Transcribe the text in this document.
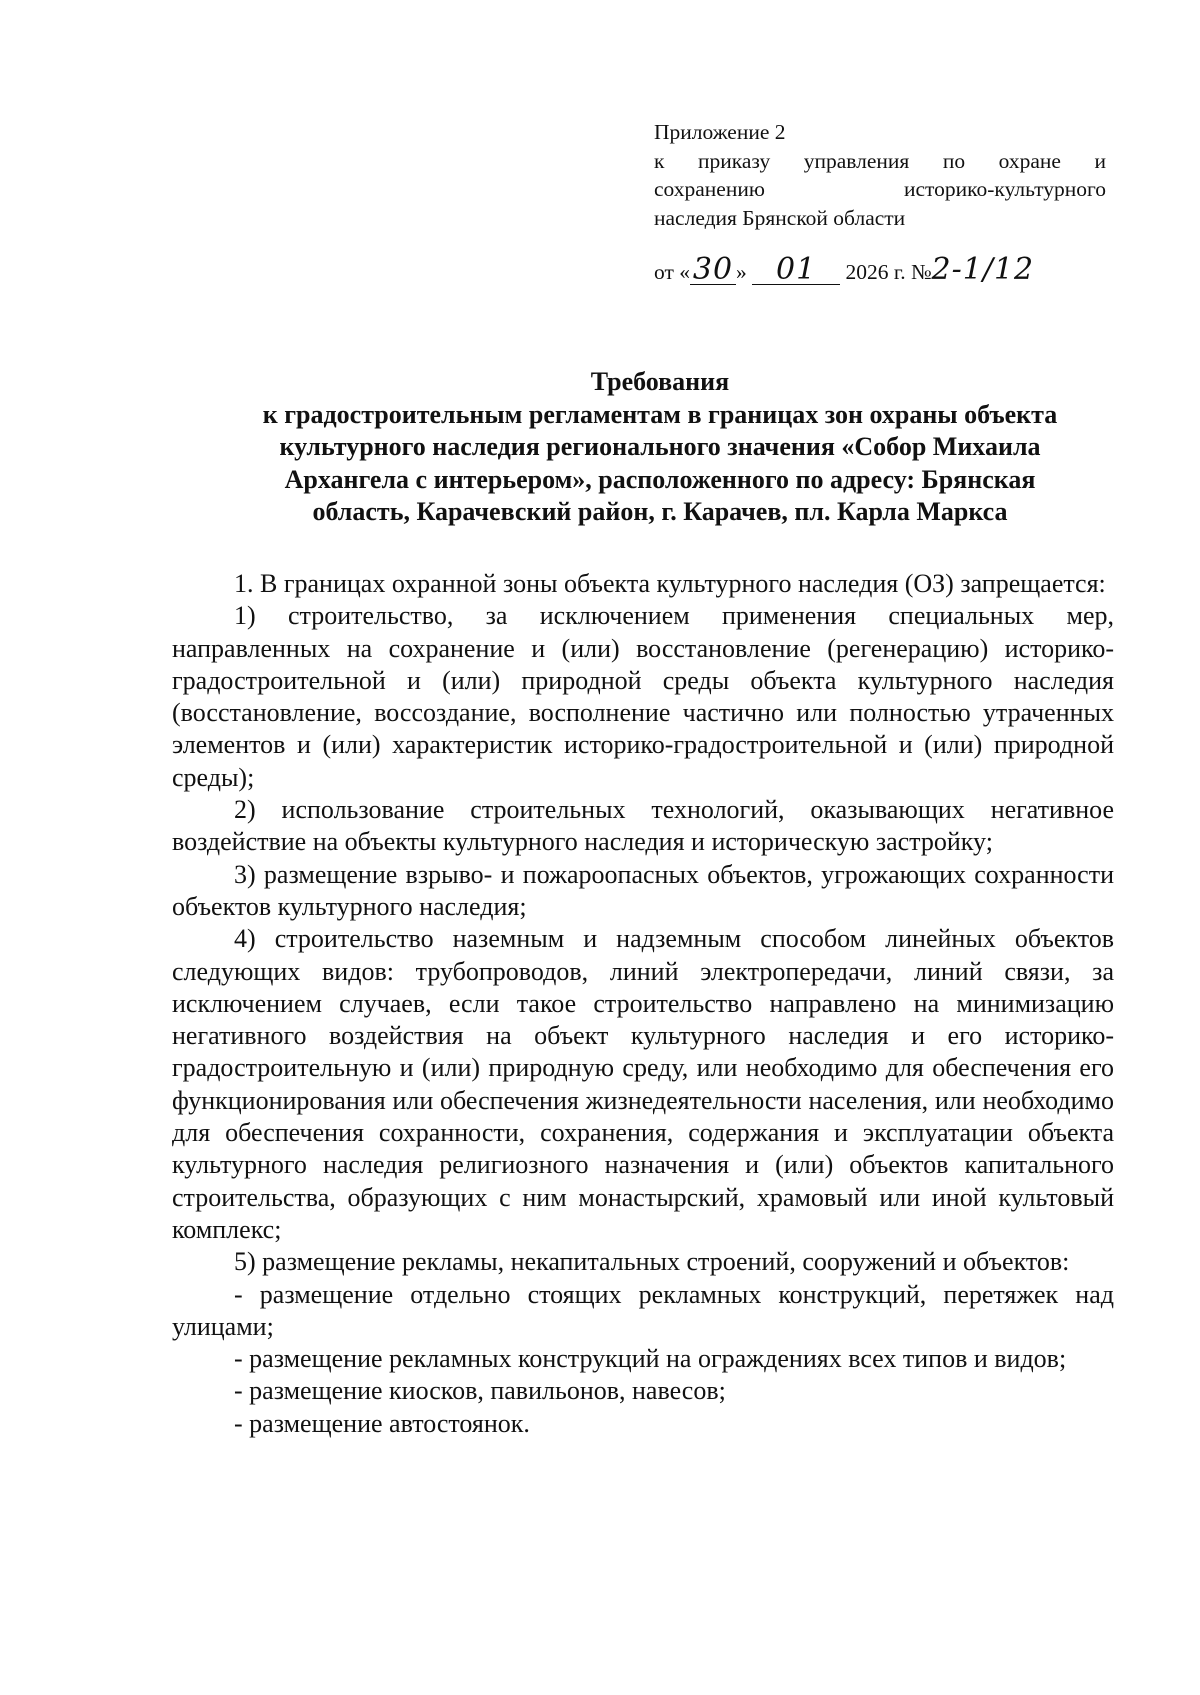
Приложение 2
к приказу управления по охране и
сохранению историко-культурного
наследия Брянской области
от «30 » 01 2026 г. №2-1/12
Требования
к градостроительным регламентам в границах зон охраны объекта
культурного наследия регионального значения «Собор Михаила
Архангела с интерьером», расположенного по адресу: Брянская
область, Карачевский район, г. Карачев, пл. Карла Маркса

1. В границах охранной зоны объекта культурного наследия (ОЗ) запрещается:

1) строительство, за исключением применения специальных мер, направленных на сохранение и (или) восстановление (регенерацию) историко-градостроительной и (или) природной среды объекта культурного наследия (восстановление, воссоздание, восполнение частично или полностью утраченных элементов и (или) характеристик историко-градостроительной и (или) природной среды);

2) использование строительных технологий, оказывающих негативное воздействие на объекты культурного наследия и историческую застройку;

3) размещение взрыво- и пожароопасных объектов, угрожающих сохранности объектов культурного наследия;

4) строительство наземным и надземным способом линейных объектов следующих видов: трубопроводов, линий электропередачи, линий связи, за исключением случаев, если такое строительство направлено на минимизацию негативного воздействия на объект культурного наследия и его историко-градостроительную и (или) природную среду, или необходимо для обеспечения его функционирования или обеспечения жизнедеятельности населения, или необходимо для обеспечения сохранности, сохранения, содержания и эксплуатации объекта культурного наследия религиозного назначения и (или) объектов капитального строительства, образующих с ним монастырский, храмовый или иной культовый комплекс;

5) размещение рекламы, некапитальных строений, сооружений и объектов:

- размещение отдельно стоящих рекламных конструкций, перетяжек над улицами;

- размещение рекламных конструкций на ограждениях всех типов и видов;

- размещение киосков, павильонов, навесов;

- размещение автостоянок.
